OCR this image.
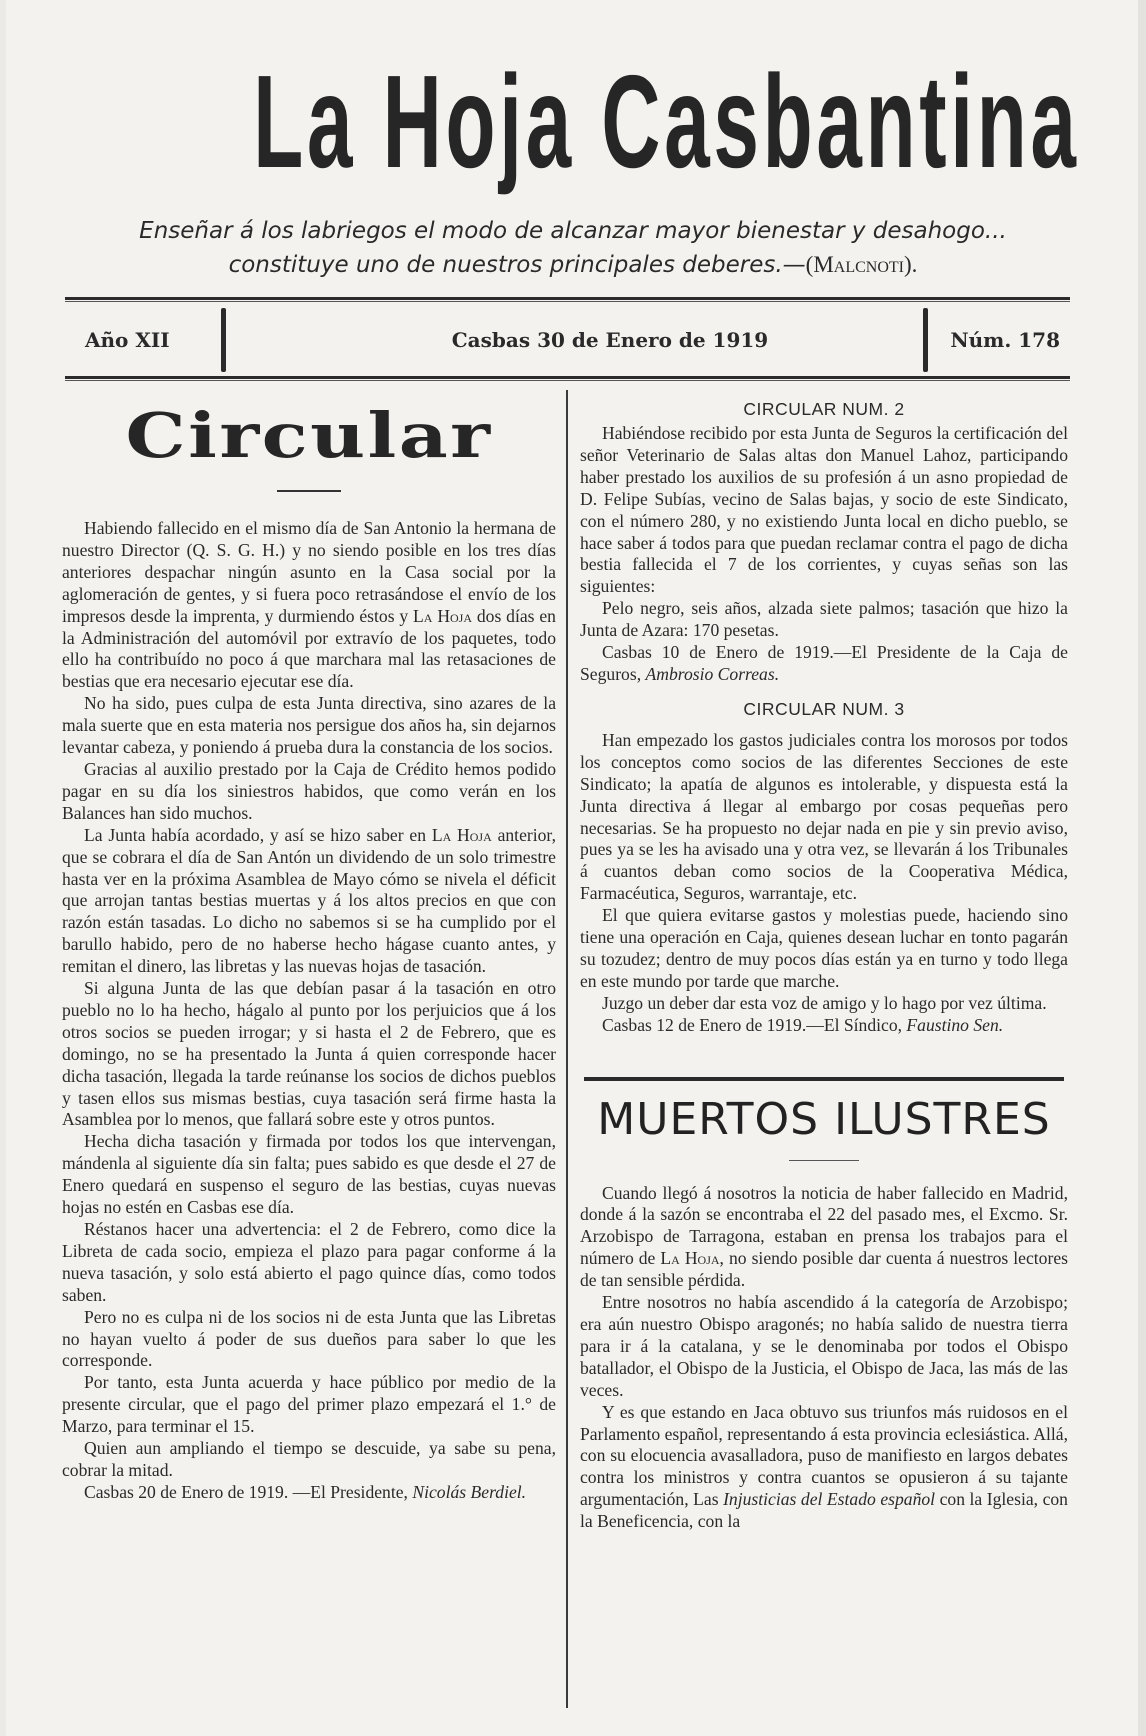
La Hoja Casbantina
Enseñar á los labriegos el modo de alcanzar mayor bienestar y desahogo...
constituye uno de nuestros principales deberes.—(Malcnoti).
Año XII	Casbas 30 de Enero de 1919	Núm. 178
Circular

Habiendo fallecido en el mismo día de San Antonio la hermana de nuestro Director (Q. S. G. H.) y no siendo posible en los tres días anteriores despachar ningún asunto en la Casa social por la aglomeración de gentes, y si fuera poco retrasándose el envío de los impresos desde la imprenta, y durmiendo éstos y La Hoja dos días en la Administración del automóvil por extravío de los paquetes, todo ello ha contribuído no poco á que marchara mal las retasaciones de bestias que era necesario ejecutar ese día.

No ha sido, pues culpa de esta Junta directiva, sino azares de la mala suerte que en esta materia nos persigue dos años ha, sin dejarnos levantar cabeza, y poniendo á prueba dura la constancia de los socios.

Gracias al auxilio prestado por la Caja de Crédito hemos podido pagar en su día los siniestros habidos, que como verán en los Balances han sido muchos.

La Junta había acordado, y así se hizo saber en La Hoja anterior, que se cobrara el día de San Antón un dividendo de un solo trimestre hasta ver en la próxima Asamblea de Mayo cómo se nivela el déficit que arrojan tantas bestias muertas y á los altos precios en que con razón están tasadas. Lo dicho no sabemos si se ha cumplido por el barullo habido, pero de no haberse hecho hágase cuanto antes, y remitan el dinero, las libretas y las nuevas hojas de tasación.

Si alguna Junta de las que debían pasar á la tasación en otro pueblo no lo ha hecho, hágalo al punto por los perjuicios que á los otros socios se pueden irrogar; y si hasta el 2 de Febrero, que es domingo, no se ha presentado la Junta á quien corresponde hacer dicha tasación, llegada la tarde reúnanse los socios de dichos pueblos y tasen ellos sus mismas bestias, cuya tasación será firme hasta la Asamblea por lo menos, que fallará sobre este y otros puntos.

Hecha dicha tasación y firmada por todos los que intervengan, mándenla al siguiente día sin falta; pues sabido es que desde el 27 de Enero quedará en suspenso el seguro de las bestias, cuyas nuevas hojas no estén en Casbas ese día.

Réstanos hacer una advertencia: el 2 de Febrero, como dice la Libreta de cada socio, empieza el plazo para pagar conforme á la nueva tasación, y solo está abierto el pago quince días, como todos saben.

Pero no es culpa ni de los socios ni de esta Junta que las Libretas no hayan vuelto á poder de sus dueños para saber lo que les corresponde.

Por tanto, esta Junta acuerda y hace público por medio de la presente circular, que el pago del primer plazo empezará el 1.° de Marzo, para terminar el 15.

Quien aun ampliando el tiempo se descuide, ya sabe su pena, cobrar la mitad.

Casbas 20 de Enero de 1919. —El Presidente, Nicolás Berdiel.

CIRCULAR NUM. 2

Habiéndose recibido por esta Junta de Seguros la certificación del señor Veterinario de Salas altas don Manuel Lahoz, participando haber prestado los auxilios de su profesión á un asno propiedad de D. Felipe Subías, vecino de Salas bajas, y socio de este Sindicato, con el número 280, y no existiendo Junta local en dicho pueblo, se hace saber á todos para que puedan reclamar contra el pago de dicha bestia fallecida el 7 de los corrientes, y cuyas señas son las siguientes:

Pelo negro, seis años, alzada siete palmos; tasación que hizo la Junta de Azara: 170 pesetas.

Casbas 10 de Enero de 1919.—El Presidente de la Caja de Seguros, Ambrosio Correas.

CIRCULAR NUM. 3

Han empezado los gastos judiciales contra los morosos por todos los conceptos como socios de las diferentes Secciones de este Sindicato; la apatía de algunos es intolerable, y dispuesta está la Junta directiva á llegar al embargo por cosas pequeñas pero necesarias. Se ha propuesto no dejar nada en pie y sin previo aviso, pues ya se les ha avisado una y otra vez, se llevarán á los Tribunales á cuantos deban como socios de la Cooperativa Médica, Farmacéutica, Seguros, warrantaje, etc.

El que quiera evitarse gastos y molestias puede, haciendo sino tiene una operación en Caja, quienes desean luchar en tonto pagarán su tozudez; dentro de muy pocos días están ya en turno y todo llega en este mundo por tarde que marche.

Juzgo un deber dar esta voz de amigo y lo hago por vez última.

Casbas 12 de Enero de 1919.—El Síndico, Faustino Sen.

MUERTOS ILUSTRES

Cuando llegó á nosotros la noticia de haber fallecido en Madrid, donde á la sazón se encontraba el 22 del pasado mes, el Excmo. Sr. Arzobispo de Tarragona, estaban en prensa los trabajos para el número de La Hoja, no siendo posible dar cuenta á nuestros lectores de tan sensible pérdida.

Entre nosotros no había ascendido á la categoría de Arzobispo; era aún nuestro Obispo aragonés; no había salido de nuestra tierra para ir á la catalana, y se le denominaba por todos el Obispo batallador, el Obispo de la Justicia, el Obispo de Jaca, las más de las veces.

Y es que estando en Jaca obtuvo sus triunfos más ruidosos en el Parlamento español, representando á esta provincia eclesiástica. Allá, con su elocuencia avasalladora, puso de manifiesto en largos debates contra los ministros y contra cuantos se opusieron á su tajante argumentación, Las Injusticias del Estado español con la Iglesia, con la Beneficencia, con la
